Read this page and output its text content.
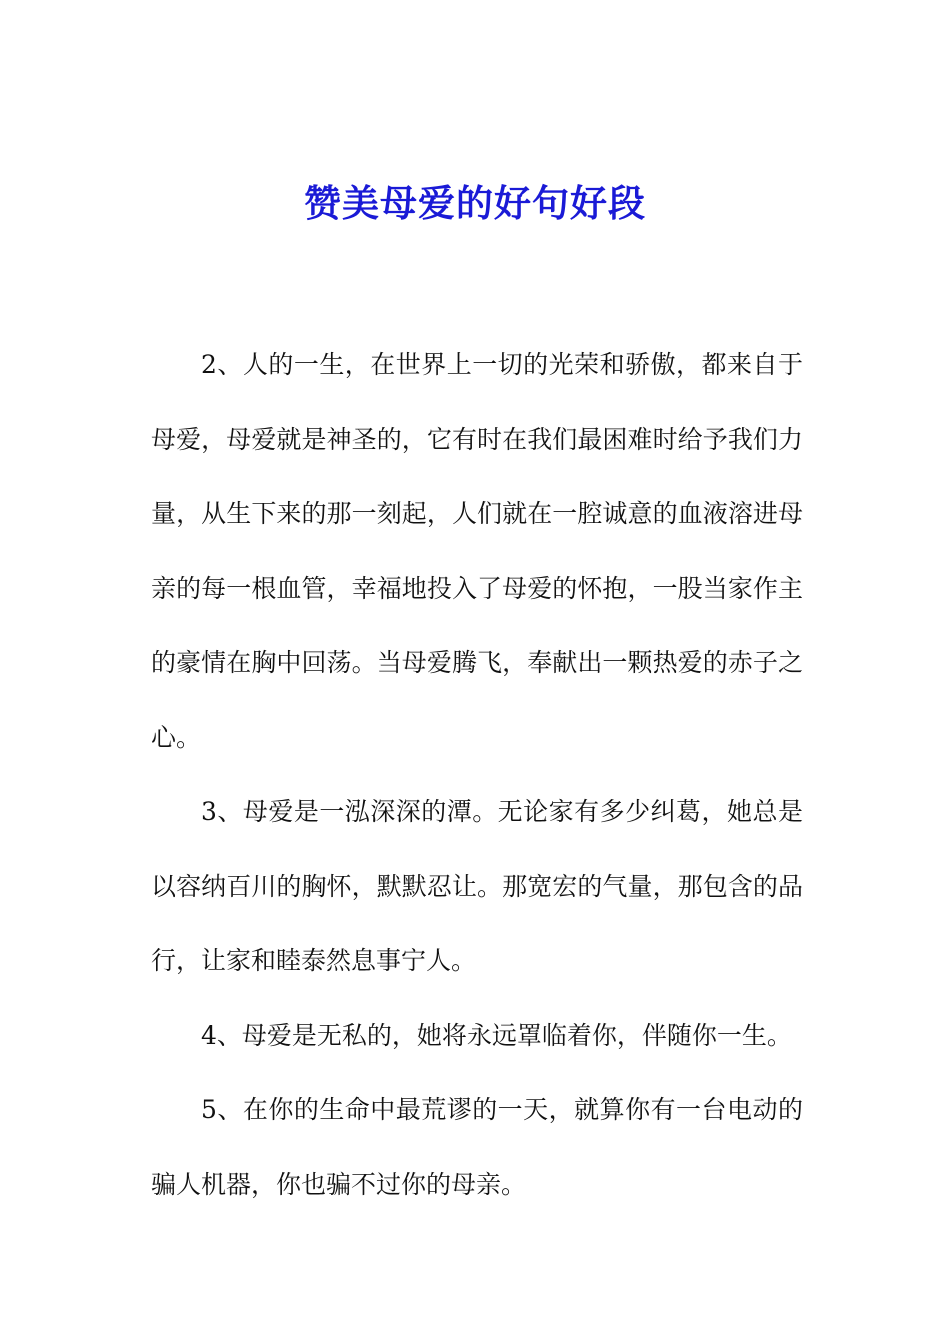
赞美母爱的好句好段

2、人的一生，在世界上一切的光荣和骄傲，都来自于母爱，母爱就是神圣的，它有时在我们最困难时给予我们力量，从生下来的那一刻起，人们就在一腔诚意的血液溶进母亲的每一根血管，幸福地投入了母爱的怀抱，一股当家作主的豪情在胸中回荡。当母爱腾飞，奉献出一颗热爱的赤子之心。

3、母爱是一泓深深的潭。无论家有多少纠葛，她总是以容纳百川的胸怀，默默忍让。那宽宏的气量，那包含的品行，让家和睦泰然息事宁人。

4、母爱是无私的，她将永远罩临着你，伴随你一生。

5、在你的生命中最荒谬的一天，就算你有一台电动的骗人机器，你也骗不过你的母亲。
